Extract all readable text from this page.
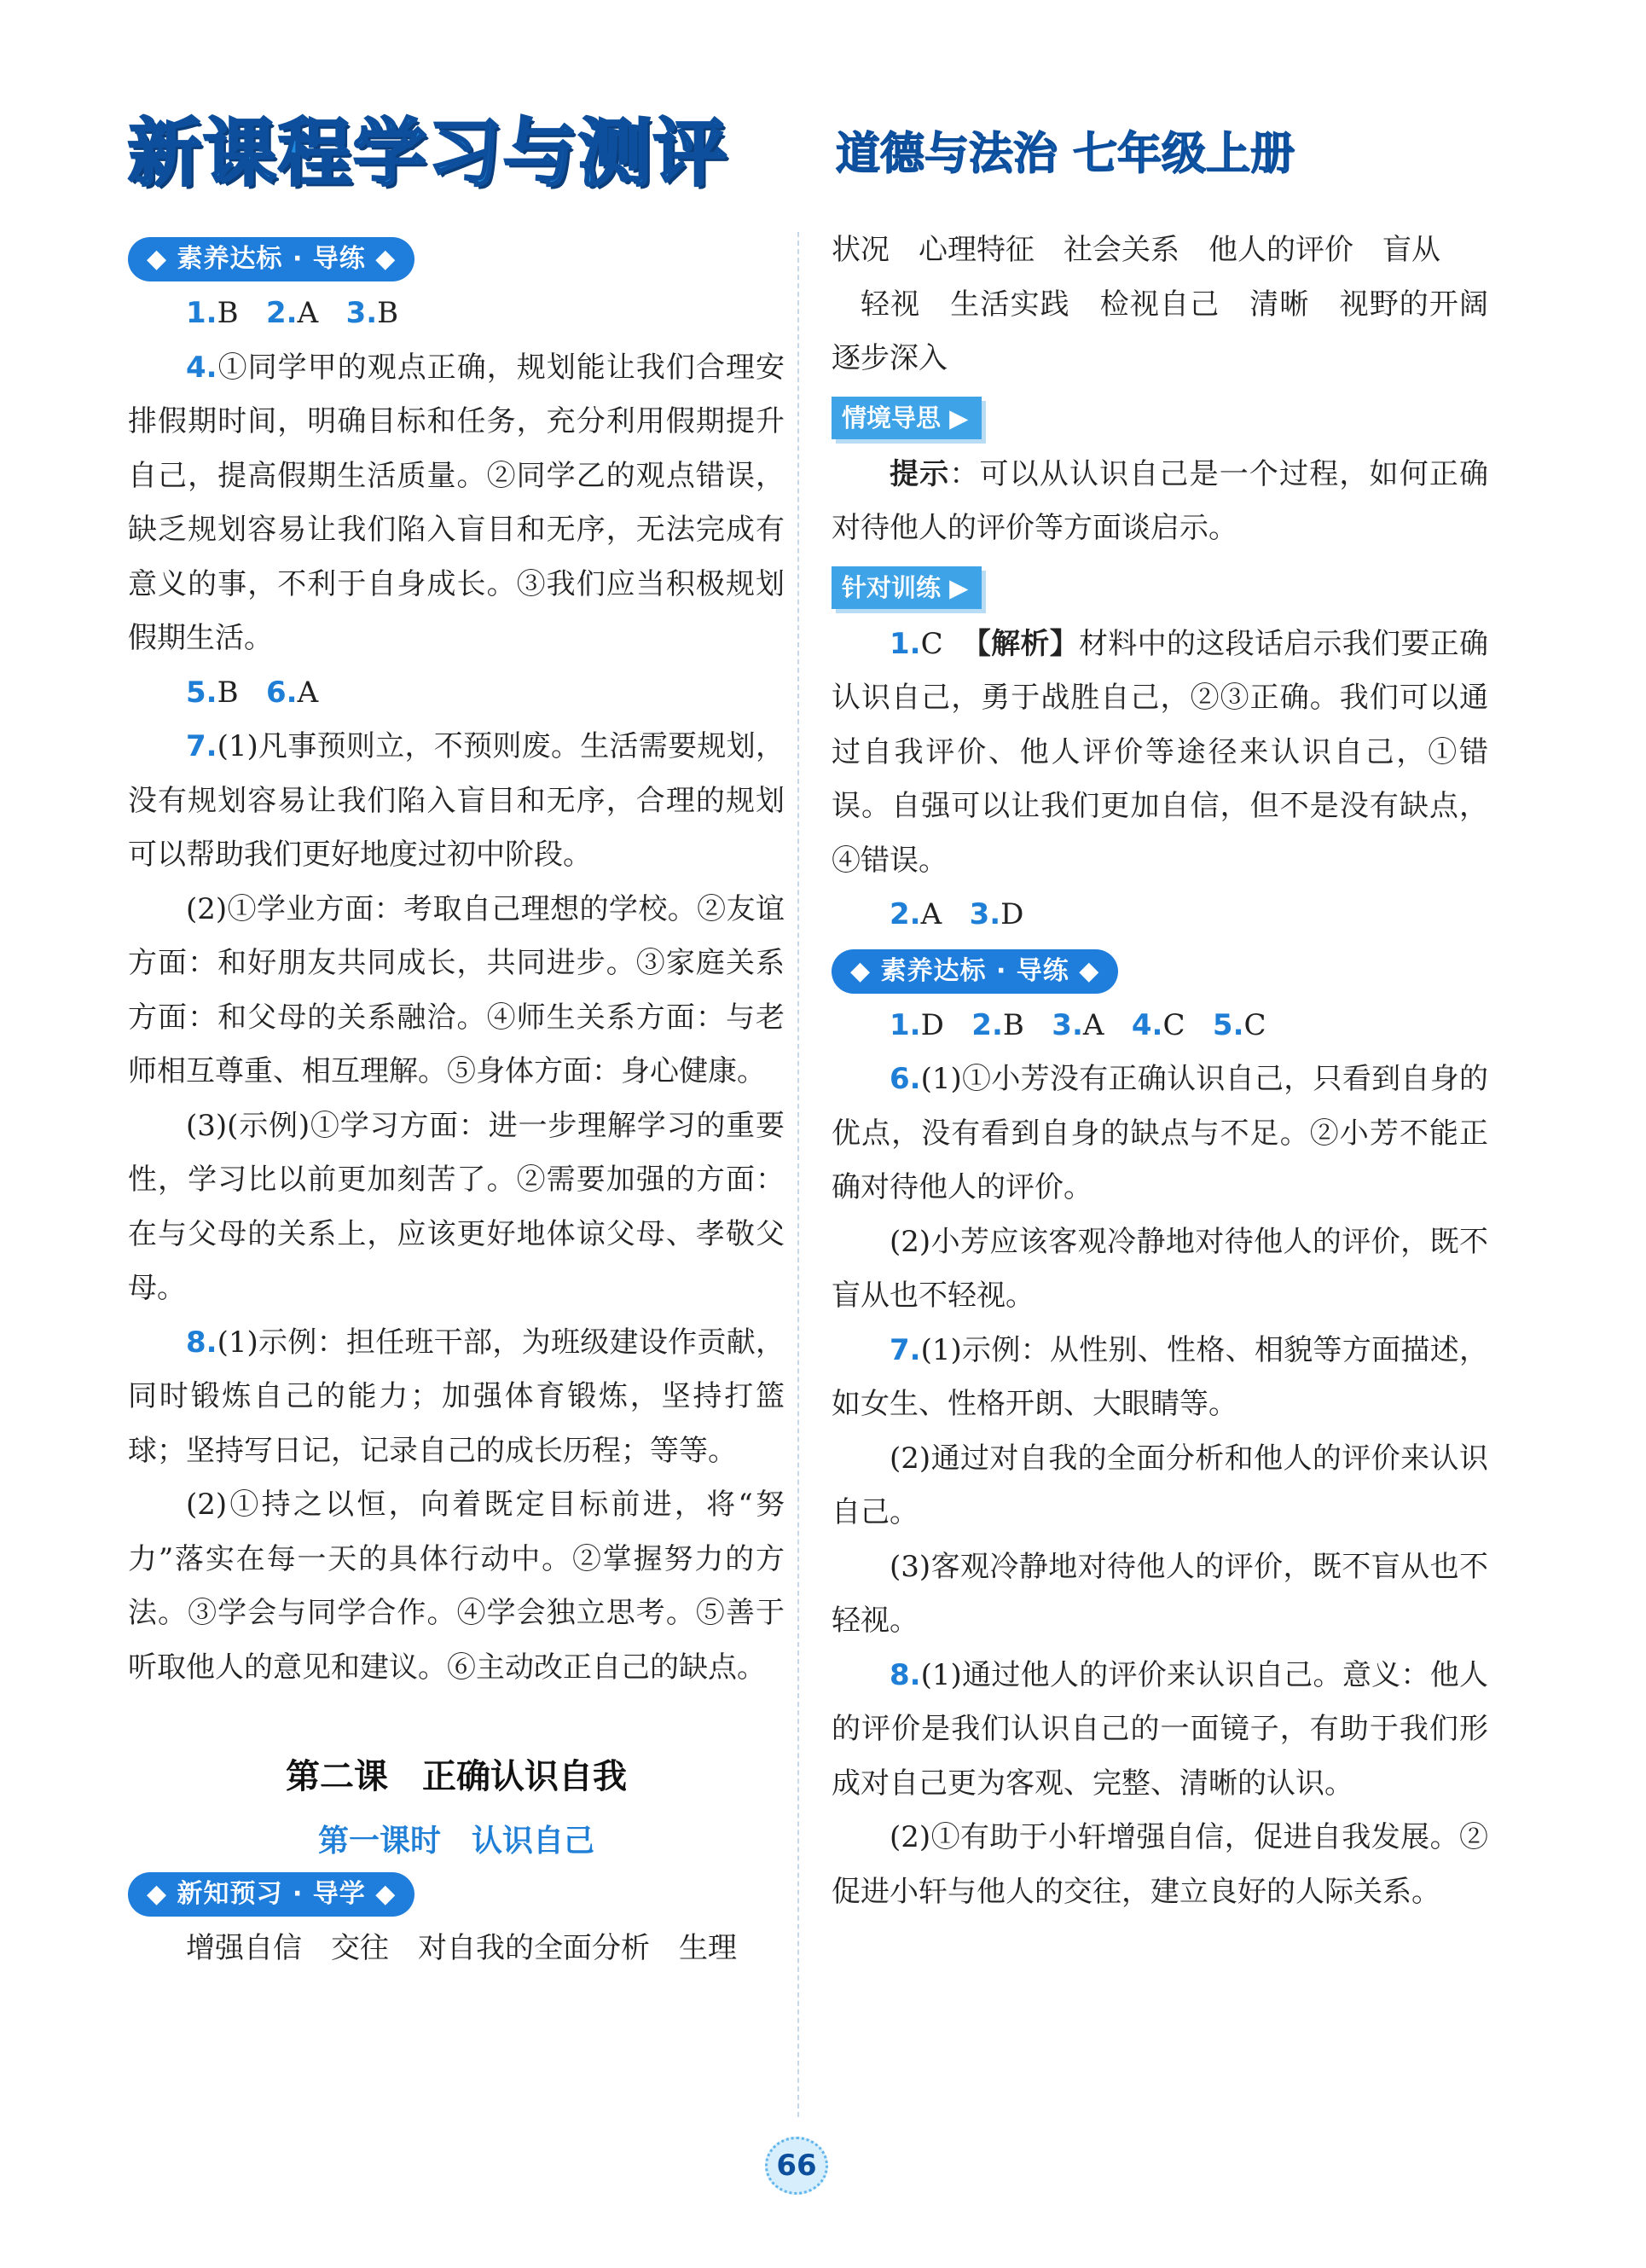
新课程学习与测评 道德与法治 七年级上册
◆ 素养达标 · 导练 ◆

1.B 2.A 3.B

4.①同学甲的观点正确，规划能让我们合理安排假期时间，明确目标和任务，充分利用假期提升自己，提高假期生活质量。②同学乙的观点错误，缺乏规划容易让我们陷入盲目和无序，无法完成有意义的事，不利于自身成长。③我们应当积极规划假期生活。

5.B 6.A

7.(1)凡事预则立，不预则废。生活需要规划，没有规划容易让我们陷入盲目和无序，合理的规划可以帮助我们更好地度过初中阶段。

(2)①学业方面：考取自己理想的学校。②友谊方面：和好朋友共同成长，共同进步。③家庭关系方面：和父母的关系融洽。④师生关系方面：与老师相互尊重、相互理解。⑤身体方面：身心健康。

(3)(示例)①学习方面：进一步理解学习的重要性，学习比以前更加刻苦了。②需要加强的方面：在与父母的关系上，应该更好地体谅父母、孝敬父母。

8.(1)示例：担任班干部，为班级建设作贡献，同时锻炼自己的能力；加强体育锻炼，坚持打篮球；坚持写日记，记录自己的成长历程；等等。

(2)①持之以恒，向着既定目标前进，将“努力”落实在每一天的具体行动中。②掌握努力的方法。③学会与同学合作。④学会独立思考。⑤善于听取他人的意见和建议。⑥主动改正自己的缺点。

第二课　正确认识自我
第一课时　认识自己
◆ 新知预习 · 导学 ◆

增强自信　交往　对自我的全面分析　生理

状况　心理特征　社会关系　他人的评价　盲从

轻视　生活实践　检视自己　清晰　视野的开阔　逐步深入

情境导思 ▶

提示：可以从认识自己是一个过程，如何正确对待他人的评价等方面谈启示。

针对训练 ▶

1.C 【解析】材料中的这段话启示我们要正确认识自己，勇于战胜自己，②③正确。我们可以通过自我评价、他人评价等途径来认识自己，①错误。自强可以让我们更加自信，但不是没有缺点，④错误。

2.A 3.D

◆ 素养达标 · 导练 ◆

1.D 2.B 3.A 4.C 5.C

6.(1)①小芳没有正确认识自己，只看到自身的优点，没有看到自身的缺点与不足。②小芳不能正确对待他人的评价。

(2)小芳应该客观冷静地对待他人的评价，既不盲从也不轻视。

7.(1)示例：从性别、性格、相貌等方面描述，如女生、性格开朗、大眼睛等。

(2)通过对自我的全面分析和他人的评价来认识自己。

(3)客观冷静地对待他人的评价，既不盲从也不轻视。

8.(1)通过他人的评价来认识自己。意义：他人的评价是我们认识自己的一面镜子，有助于我们形成对自己更为客观、完整、清晰的认识。

(2)①有助于小轩增强自信，促进自我发展。②促进小轩与他人的交往，建立良好的人际关系。

66
